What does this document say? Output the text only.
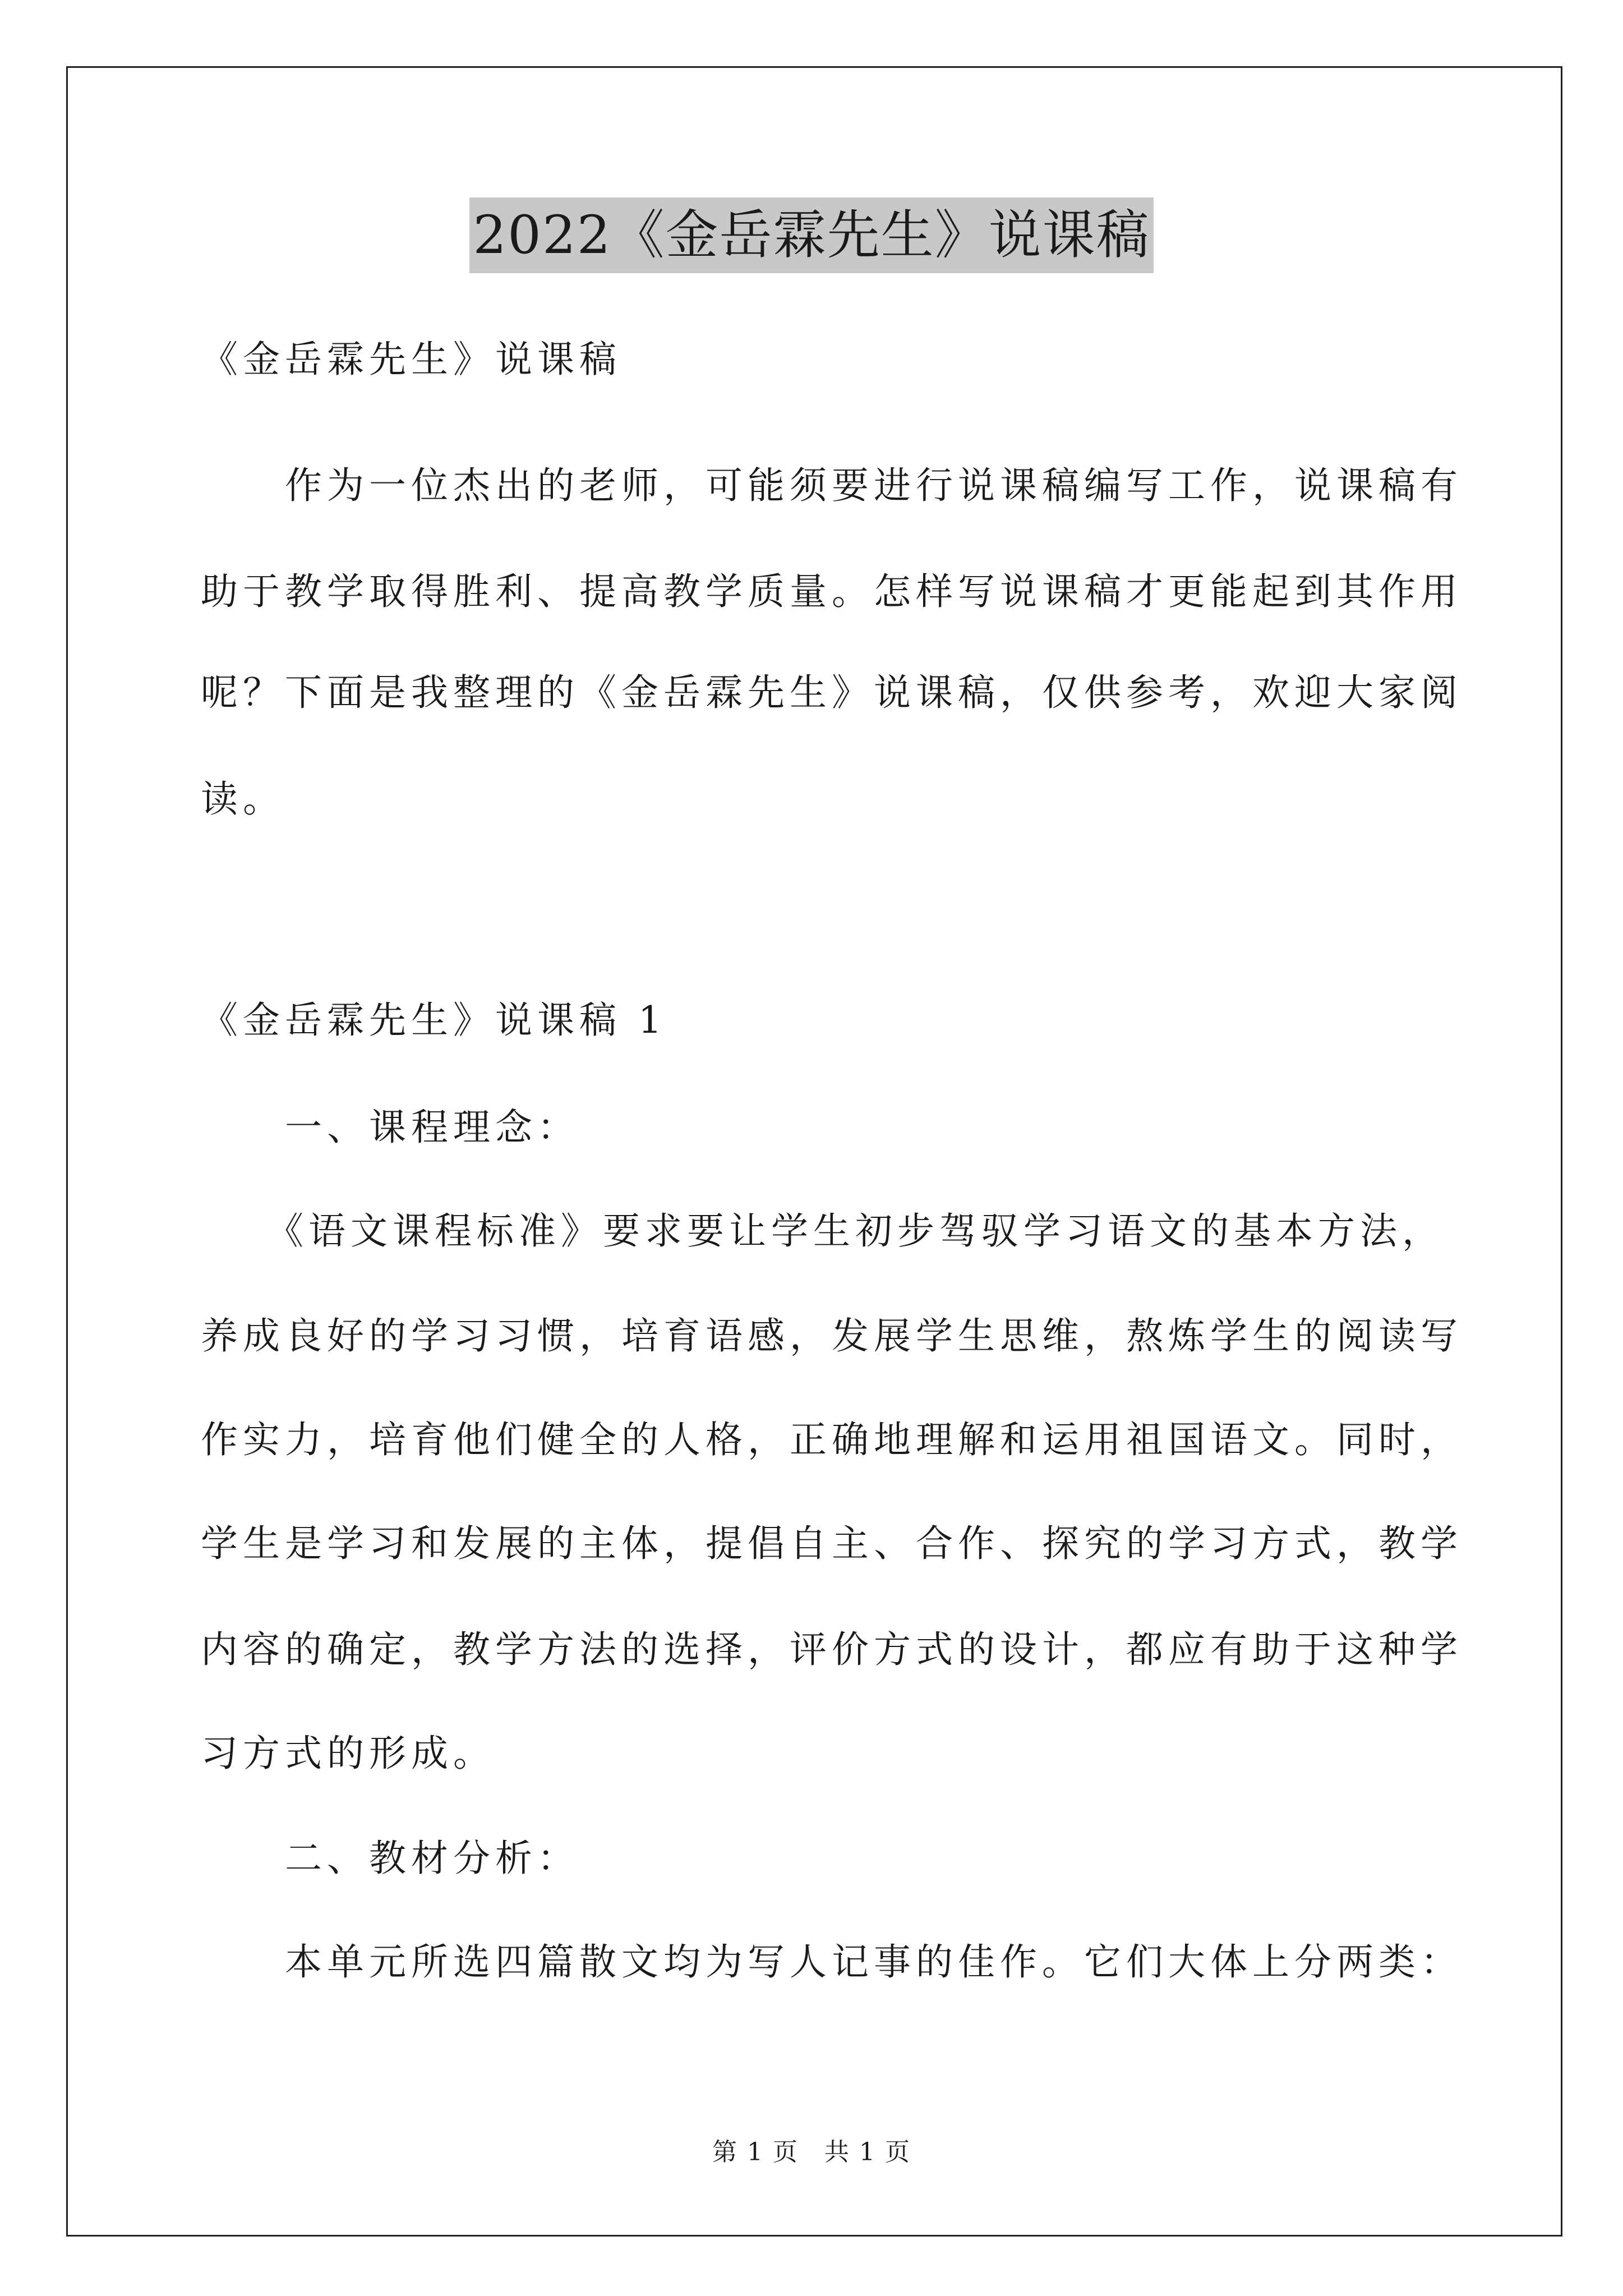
2022《金岳霖先生》说课稿
《金岳霖先生》说课稿
　　作为一位杰出的老师，可能须要进行说课稿编写工作，说课稿有
助于教学取得胜利、提高教学质量。怎样写说课稿才更能起到其作用
呢？下面是我整理的《金岳霖先生》说课稿，仅供参考，欢迎大家阅
读。
《金岳霖先生》说课稿 1
　　一、课程理念：
　　《语文课程标准》要求要让学生初步驾驭学习语文的基本方法，
养成良好的学习习惯，培育语感，发展学生思维，熬炼学生的阅读写
作实力，培育他们健全的人格，正确地理解和运用祖国语文。同时，
学生是学习和发展的主体，提倡自主、合作、探究的学习方式，教学
内容的确定，教学方法的选择，评价方式的设计，都应有助于这种学
习方式的形成。
　　二、教材分析：
　　本单元所选四篇散文均为写人记事的佳作。它们大体上分两类：
第 1 页　共 1 页
